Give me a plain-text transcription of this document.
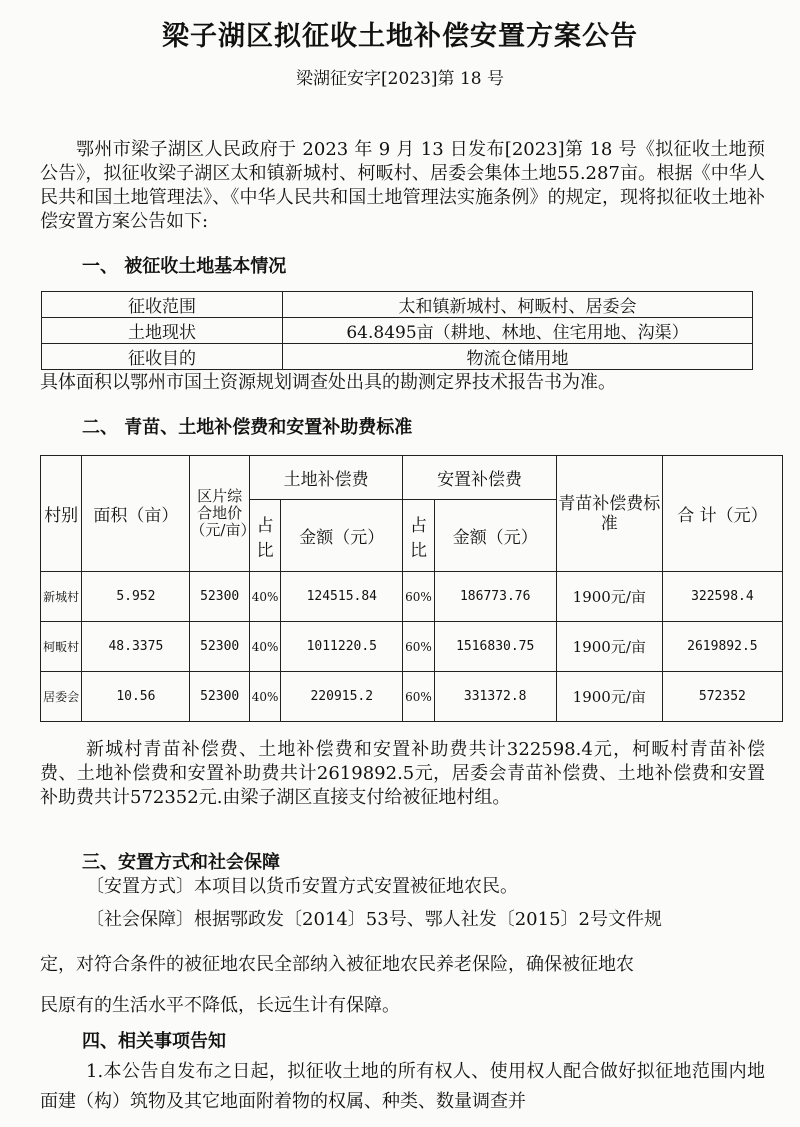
梁子湖区拟征收土地补偿安置方案公告
梁湖征安字[2023]第 18 号

鄂州市梁子湖区人民政府于 2023 年 9 月 13 日发布[2023]第 18 号《拟征收土地预公告》，拟征收梁子湖区太和镇新城村、柯畈村、居委会集体土地55.287亩。根据《中华人民共和国土地管理法》、《中华人民共和国土地管理法实施条例》的规定，现将拟征收土地补偿安置方案公告如下:

一、 被征收土地基本情况
征收范围	太和镇新城村、柯畈村、居委会
土地现状	64.8495亩（耕地、林地、住宅用地、沟渠）
征收目的	物流仓储用地
具体面积以鄂州市国土资源规划调查处出具的勘测定界技术报告书为准。
二、 青苗、土地补偿费和安置补助费标准
村别	面积（亩）	区片综合地价（元/亩）	土地补偿费		安置补偿费		青苗补偿费标准	合 计（元）
			占比	金额（元）	占比	金额（元）		
新城村	5.952	52300	40%	124515.84	60%	186773.76	1900元/亩	322598.4
柯畈村	48.3375	52300	40%	1011220.5	60%	1516830.75	1900元/亩	2619892.5
居委会	10.56	52300	40%	220915.2	60%	331372.8	1900元/亩	572352

新城村青苗补偿费、土地补偿费和安置补助费共计322598.4元，柯畈村青苗补偿费、土地补偿费和安置补助费共计2619892.5元，居委会青苗补偿费、土地补偿费和安置补助费共计572352元.由梁子湖区直接支付给被征地村组。

三、安置方式和社会保障
〔安置方式〕本项目以货币安置方式安置被征地农民。
〔社会保障〕根据鄂政发〔2014〕53号、鄂人社发〔2015〕2号文件规
定，对符合条件的被征地农民全部纳入被征地农民养老保险，确保被征地农
民原有的生活水平不降低，长远生计有保障。
四、相关事项告知

1.本公告自发布之日起，拟征收土地的所有权人、使用权人配合做好拟征地范围内地面建（构）筑物及其它地面附着物的权属、种类、数量调查并
